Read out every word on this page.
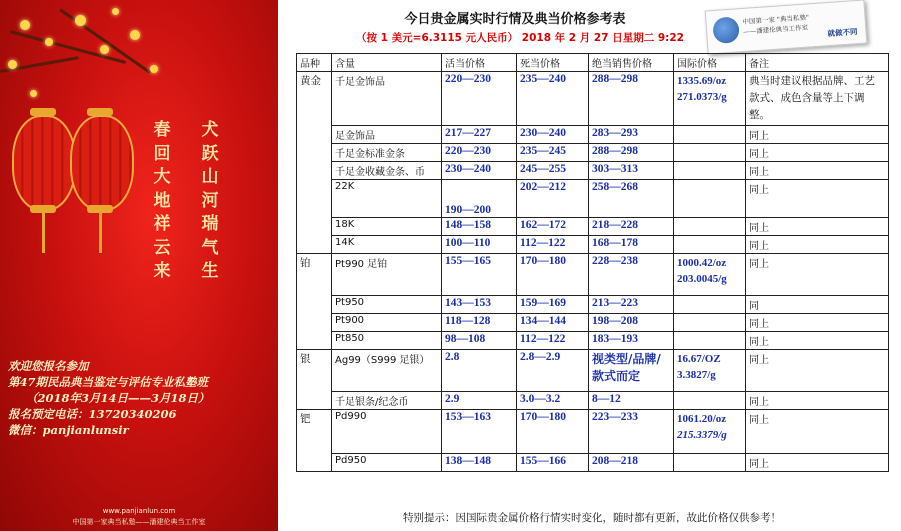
春
回
大
地
祥
云
来
犬
跃
山
河
瑞
气
生
欢迎您报名参加
第47期民品典当鉴定与评估专业私塾班
（2018年3月14日——3月18日）
报名预定电话：13720340206
微信：panjianlunsir
www.panjianlun.com
中国第一家典当私塾——潘建伦典当工作室
今日贵金属实时行情及典当价格参考表
（按 1 美元=6.3115 元人民币） 2018 年 2 月 27 日星期二 9:22
中国第一家 "典当私塾"
——潘建伦典当工作室	就做不同
品种	含量	活当价格	死当价格	绝当销售价格	国际价格	备注
黄金	千足金饰品	220—230	235—240	288—298	1335.69/oz
271.0373/g	典当时建议根据品牌、工艺款式、成色含量等上下调整。
	足金饰品	217—227	230—240	283—293		同上
	千足金标准金条	220—230	235—245	288—298		同上
	千足金收藏金条、币	230—240	245—255	303—313		同上
	22K	190—200	202—212	258—268		同上
	18K	148—158	162—172	218—228		同上
	14K	100—110	112—122	168—178		同上
铂	Pt990 足铂	155—165	170—180	228—238	1000.42/oz
203.0045/g	同上
	Pt950	143—153	159—169	213—223		同
	Pt900	118—128	134—144	198—208		同上
	Pt850	98—108	112—122	183—193		同上
银	Ag99（S999 足银）	2.8	2.8—2.9	视类型/品牌/款式而定	16.67/OZ
3.3827/g	同上
	千足银条/纪念币	2.9	3.0—3.2	8—12		同上
钯	Pd990	153—163	170—180	223—233	1061.20/oz
215.3379/g	同上
	Pd950	138—148	155—166	208—218		同上
特别提示：因国际贵金属价格行情实时变化，随时都有更新，故此价格仅供参考！
